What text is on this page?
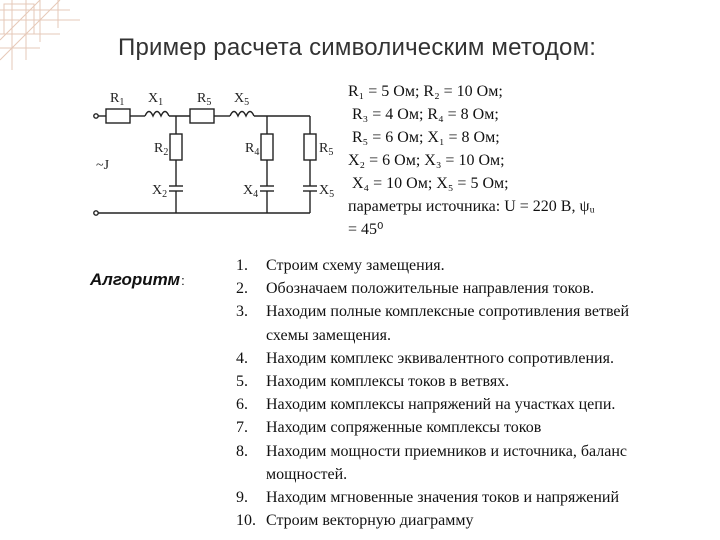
Пример расчета символическим методом:
$R_1$ $X_1$ $R_5$ $X_5$
$R_2$
$X_2$
$R_4$
$X_4$
$R_5$
$X_5$
~J
R₁ = 5 Ом; R₂ = 10 Ом;
R₃ = 4 Ом; R₄ = 8 Ом;
R₅ = 6 Ом; X₁ = 8 Ом;
X₂ = 6 Ом; X₃ = 10 Ом;
X₄ = 10 Ом; X₅ = 5 Ом;
параметры источника: U = 220 В, ψᵤ
= 45⁰
Алгоритм:
1. Строим схему замещения.
2. Обозначаем положительные направления токов.
3. Находим полные комплексные сопротивления ветвей
схемы замещения.
4. Находим комплекс эквивалентного сопротивления.
5. Находим комплексы токов в ветвях.
6. Находим комплексы напряжений на участках цепи.
7. Находим сопряженные комплексы токов
8. Находим мощности приемников и источника, баланс
мощностей.
9. Находим мгновенные значения токов и напряжений
10. Строим векторную диаграмму
